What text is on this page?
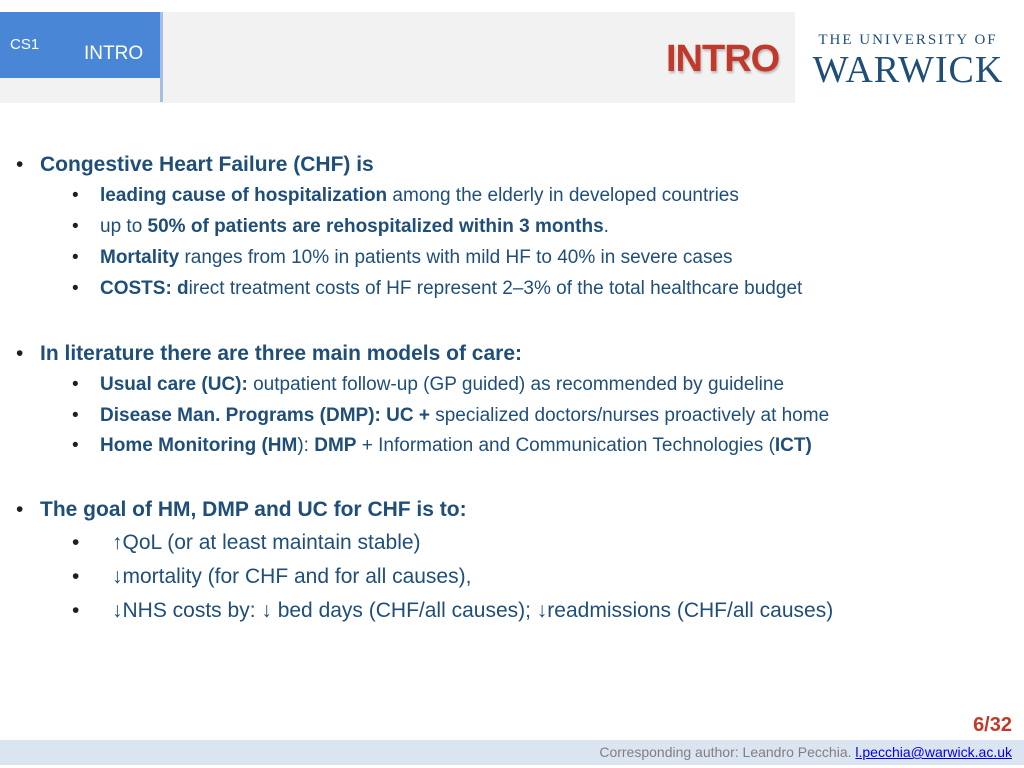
CS1 INTRO	INTRO	THE UNIVERSITY OF
WARWICK
• Congestive Heart Failure (CHF) is
• leading cause of hospitalization among the elderly in developed countries
• up to 50% of patients are rehospitalized within 3 months.
• Mortality ranges from 10% in patients with mild HF to 40% in severe cases
• COSTS: direct treatment costs of HF represent 2–3% of the total healthcare budget
• In literature there are three main models of care:
• Usual care (UC): outpatient follow-up (GP guided) as recommended by guideline
• Disease Man. Programs (DMP): UC + specialized doctors/nurses proactively at home
• Home Monitoring (HM): DMP + Information and Communication Technologies (ICT)
• The goal of HM, DMP and UC for CHF is to:
• ↑QoL (or at least maintain stable)
• ↓mortality (for CHF and for all causes),
• ↓NHS costs by: ↓ bed days (CHF/all causes); ↓readmissions (CHF/all causes)
6/32
Corresponding author: Leandro Pecchia. l.pecchia@warwick.ac.uk
